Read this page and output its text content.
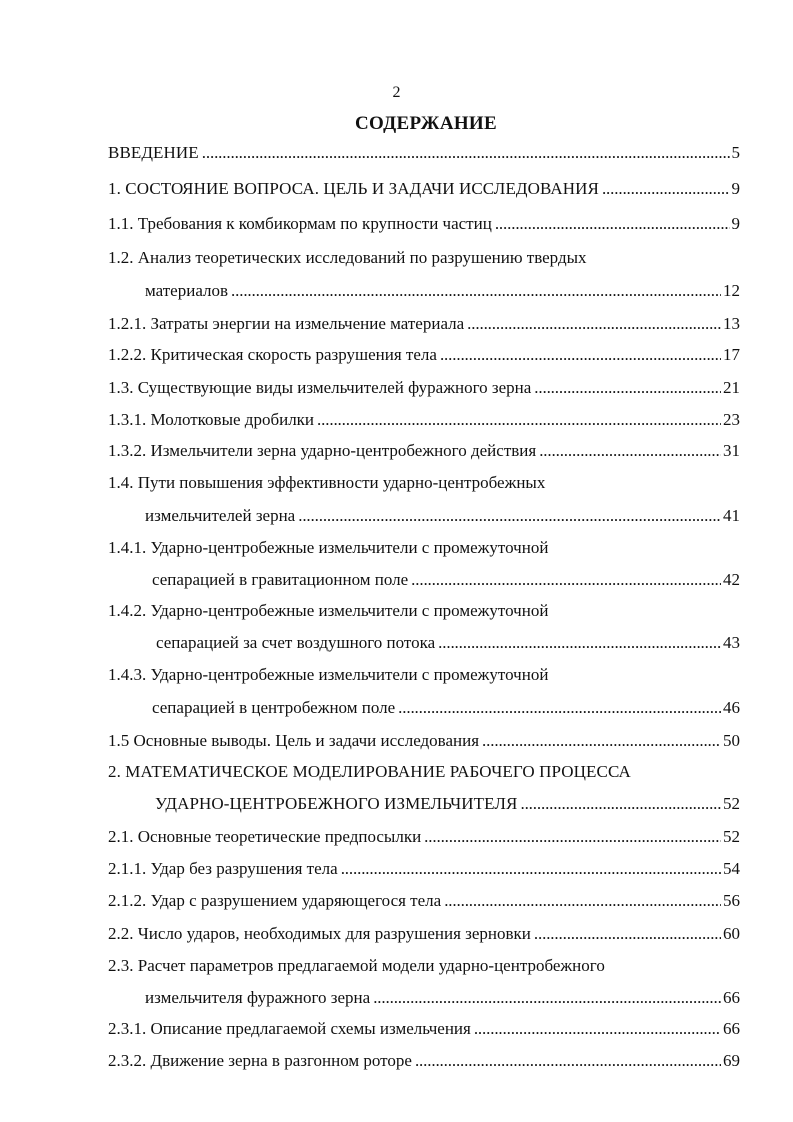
2
СОДЕРЖАНИЕ
ВВЕДЕНИЕ . . .	5
1. СОСТОЯНИЕ ВОПРОСА. ЦЕЛЬ И ЗАДАЧИ ИССЛЕДОВАНИЯ . . .	9
1.1. Требования к комбикормам по крупности частиц . . .	9
1.2. Анализ теоретических исследований по разрушению твердых
материалов . . .	12
1.2.1. Затраты энергии на измельчение материала . . .	13
1.2.2. Критическая скорость разрушения тела . . .	17
1.3. Существующие виды измельчителей фуражного зерна . . .	21
1.3.1. Молотковые дробилки . . .	23
1.3.2. Измельчители зерна ударно-центробежного действия . . .	31
1.4. Пути повышения эффективности ударно-центробежных
измельчителей зерна . . .	41
1.4.1. Ударно-центробежные измельчители с промежуточной
сепарацией в гравитационном поле . . .	42
1.4.2. Ударно-центробежные измельчители с промежуточной
сепарацией за счет воздушного потока . . .	43
1.4.3. Ударно-центробежные измельчители с промежуточной
сепарацией в центробежном поле . . .	46
1.5 Основные выводы. Цель и задачи исследования . . .	50
2. МАТЕМАТИЧЕСКОЕ МОДЕЛИРОВАНИЕ РАБОЧЕГО ПРОЦЕССА
УДАРНО-ЦЕНТРОБЕЖНОГО ИЗМЕЛЬЧИТЕЛЯ . . .	52
2.1. Основные теоретические предпосылки . . .	52
2.1.1. Удар без разрушения тела . . .	54
2.1.2. Удар с разрушением ударяющегося тела . . .	56
2.2. Число ударов, необходимых для разрушения зерновки . . .	60
2.3. Расчет параметров предлагаемой модели ударно-центробежного
измельчителя фуражного зерна . . .	66
2.3.1. Описание предлагаемой схемы измельчения . . .	66
2.3.2. Движение зерна в разгонном роторе . . .	69
